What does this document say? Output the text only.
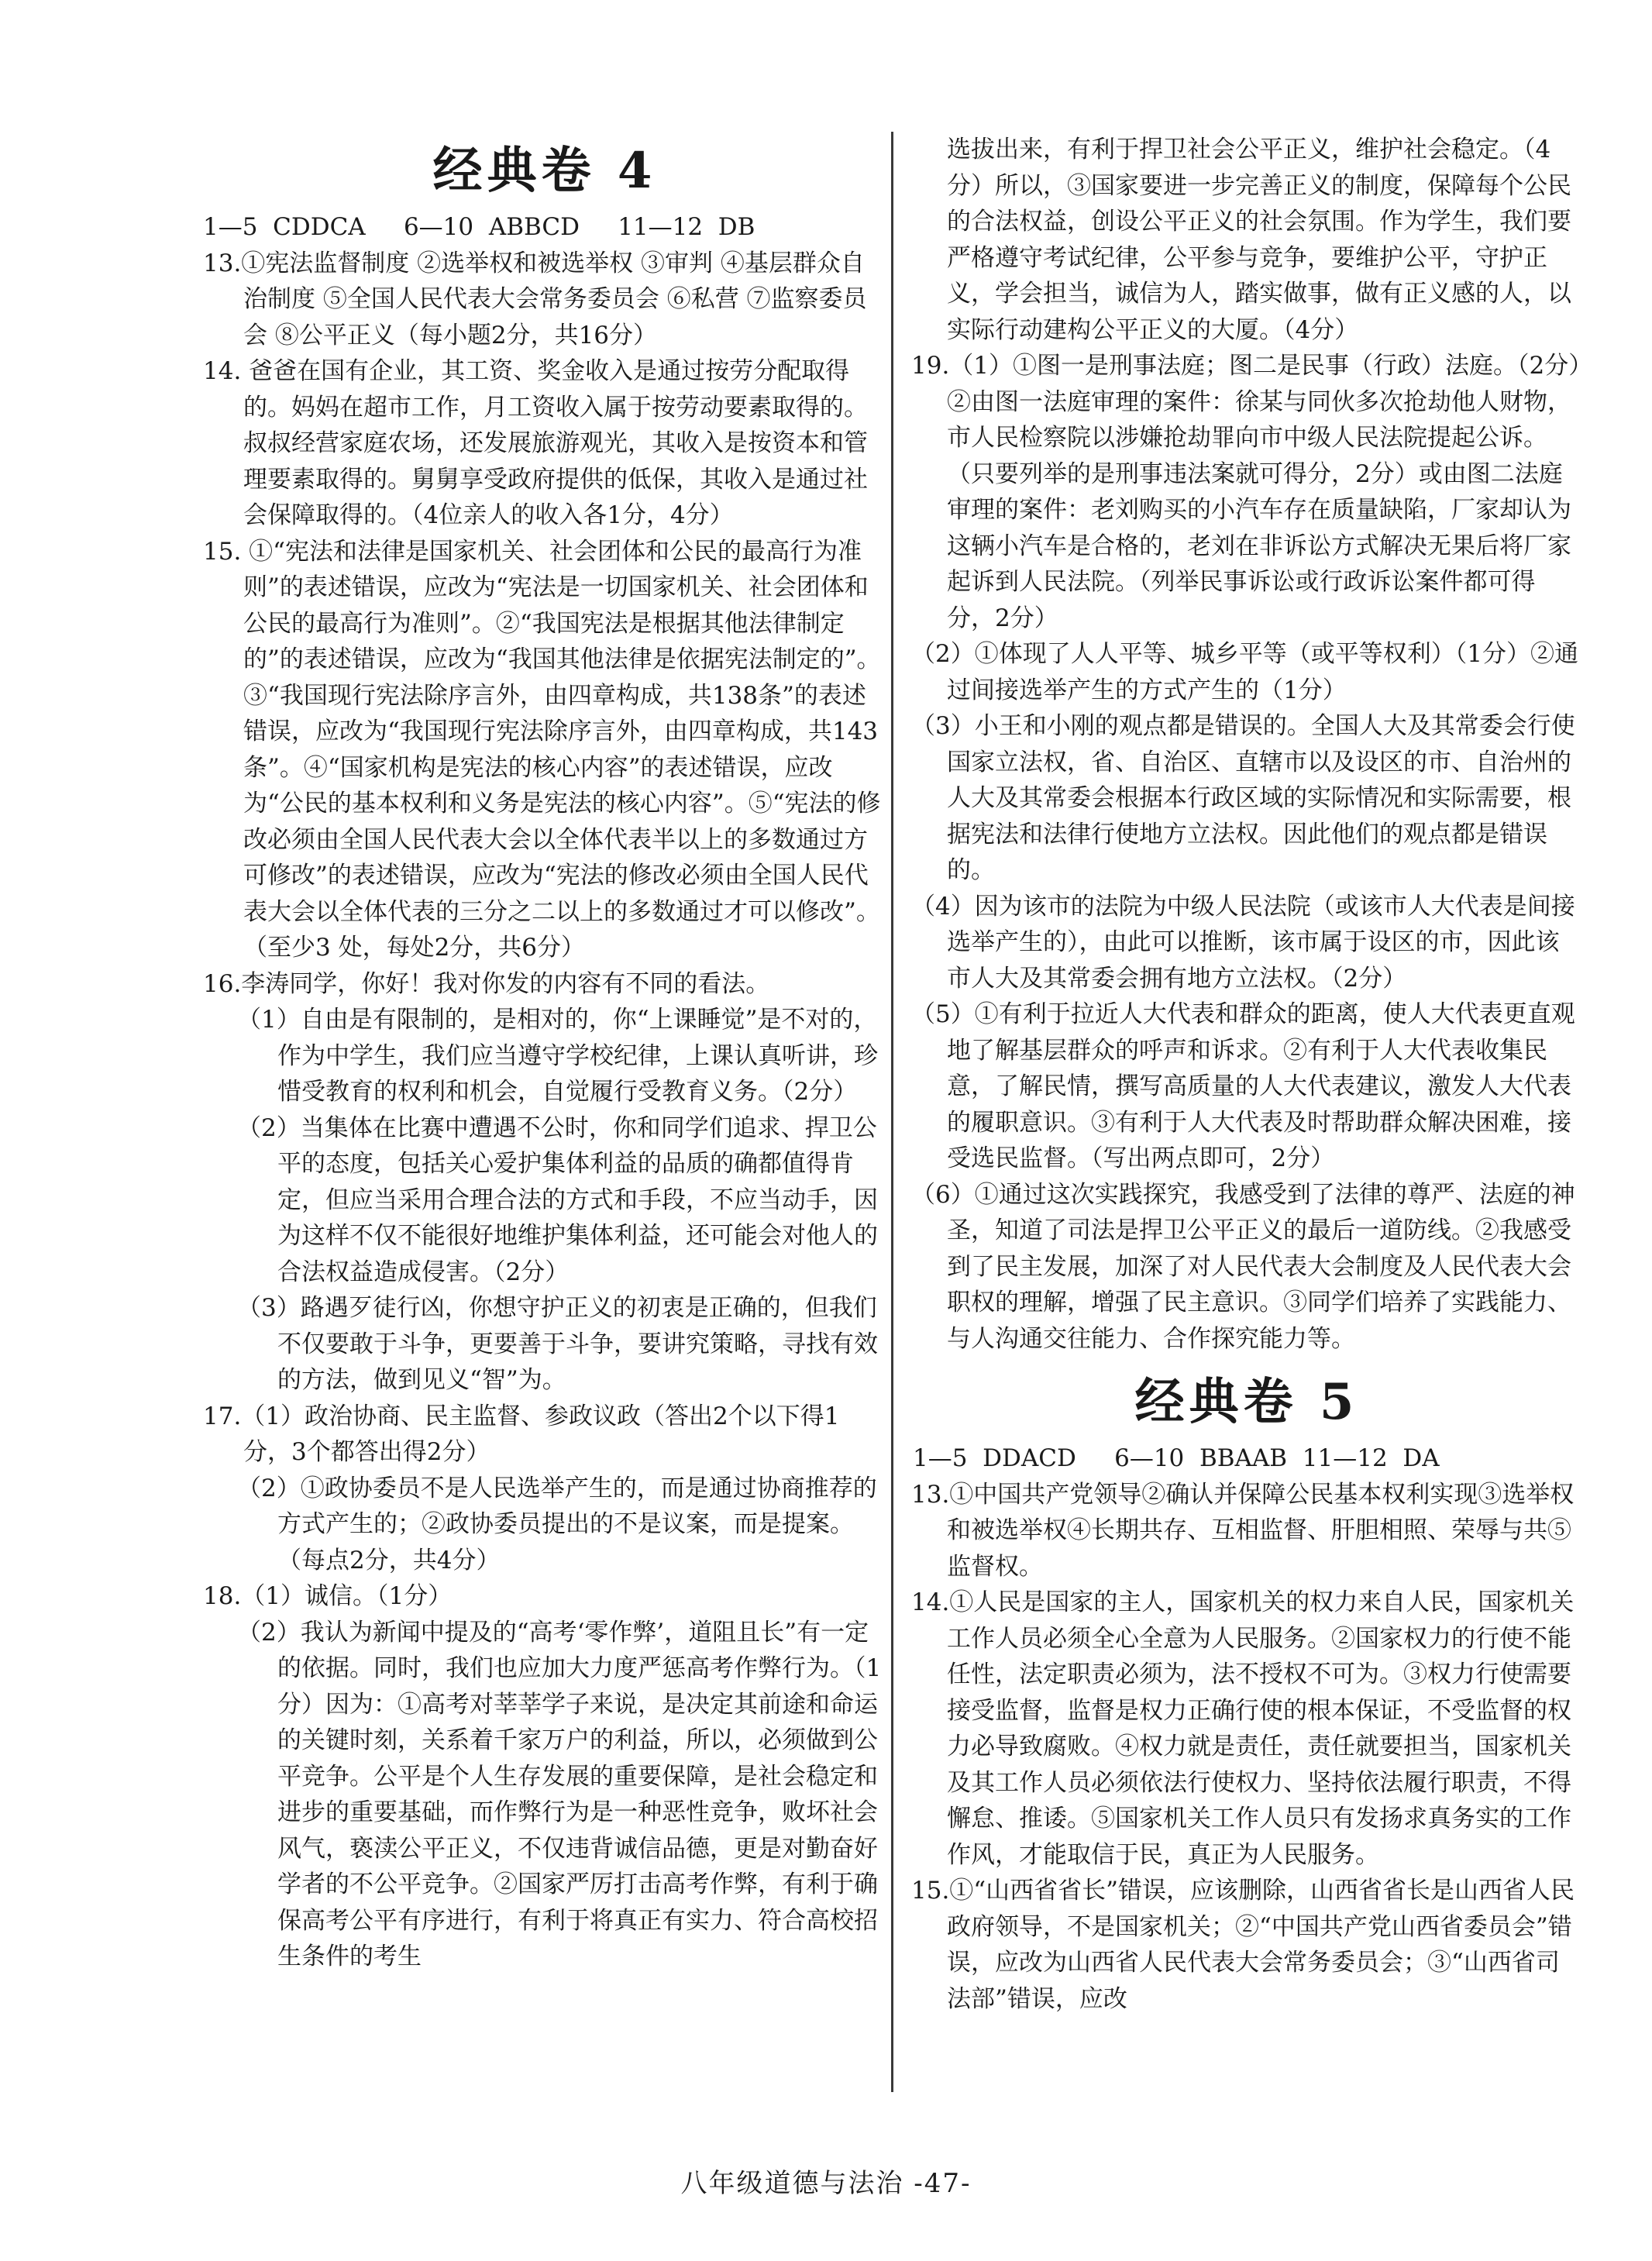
经典卷 4

1—5  CDDCA     6—10  ABBCD     11—12  DB

13.①宪法监督制度 ②选举权和被选举权 ③审判 ④基层群众自治制度 ⑤全国人民代表大会常务委员会 ⑥私营 ⑦监察委员会 ⑧公平正义（每小题2分，共16分）

14. 爸爸在国有企业，其工资、奖金收入是通过按劳分配取得的。妈妈在超市工作，月工资收入属于按劳动要素取得的。叔叔经营家庭农场，还发展旅游观光，其收入是按资本和管理要素取得的。舅舅享受政府提供的低保，其收入是通过社会保障取得的。（4位亲人的收入各1分，4分）

15. ①“宪法和法律是国家机关、社会团体和公民的最高行为准则”的表述错误，应改为“宪法是一切国家机关、社会团体和公民的最高行为准则”。②“我国宪法是根据其他法律制定的”的表述错误，应改为“我国其他法律是依据宪法制定的”。③“我国现行宪法除序言外，由四章构成，共138条”的表述错误，应改为“我国现行宪法除序言外，由四章构成，共143条”。④“国家机构是宪法的核心内容”的表述错误，应改为“公民的基本权利和义务是宪法的核心内容”。⑤“宪法的修改必须由全国人民代表大会以全体代表半以上的多数通过方可修改”的表述错误，应改为“宪法的修改必须由全国人民代表大会以全体代表的三分之二以上的多数通过才可以修改”。（至少3 处，每处2分，共6分）

16.李涛同学，你好！我对你发的内容有不同的看法。

（1）自由是有限制的，是相对的，你“上课睡觉”是不对的，作为中学生，我们应当遵守学校纪律，上课认真听讲，珍惜受教育的权利和机会，自觉履行受教育义务。（2分）

（2）当集体在比赛中遭遇不公时，你和同学们追求、捍卫公平的态度，包括关心爱护集体利益的品质的确都值得肯定，但应当采用合理合法的方式和手段，不应当动手，因为这样不仅不能很好地维护集体利益，还可能会对他人的合法权益造成侵害。（2分）

（3）路遇歹徒行凶，你想守护正义的初衷是正确的，但我们不仅要敢于斗争，更要善于斗争，要讲究策略，寻找有效的方法，做到见义“智”为。

17.（1）政治协商、民主监督、参政议政（答出2个以下得1分，3个都答出得2分）

（2）①政协委员不是人民选举产生的，而是通过协商推荐的方式产生的；②政协委员提出的不是议案，而是提案。（每点2分，共4分）

18.（1）诚信。（1分）

（2）我认为新闻中提及的“高考‘零作弊’，道阻且长”有一定的依据。同时，我们也应加大力度严惩高考作弊行为。（1分）因为：①高考对莘莘学子来说，是决定其前途和命运的关键时刻，关系着千家万户的利益，所以，必须做到公平竞争。公平是个人生存发展的重要保障，是社会稳定和进步的重要基础，而作弊行为是一种恶性竞争，败坏社会风气，亵渎公平正义，不仅违背诚信品德，更是对勤奋好学者的不公平竞争。②国家严厉打击高考作弊，有利于确保高考公平有序进行，有利于将真正有实力、符合高校招生条件的考生

选拔出来，有利于捍卫社会公平正义，维护社会稳定。（4分）所以，③国家要进一步完善正义的制度，保障每个公民的合法权益，创设公平正义的社会氛围。作为学生，我们要严格遵守考试纪律，公平参与竞争，要维护公平，守护正义，学会担当，诚信为人，踏实做事，做有正义感的人，以实际行动建构公平正义的大厦。（4分）

19.（1）①图一是刑事法庭；图二是民事（行政）法庭。（2分）②由图一法庭审理的案件：徐某与同伙多次抢劫他人财物，市人民检察院以涉嫌抢劫罪向市中级人民法院提起公诉。（只要列举的是刑事违法案就可得分，2分）或由图二法庭审理的案件：老刘购买的小汽车存在质量缺陷，厂家却认为这辆小汽车是合格的，老刘在非诉讼方式解决无果后将厂家起诉到人民法院。（列举民事诉讼或行政诉讼案件都可得分，2分）

（2）①体现了人人平等、城乡平等（或平等权利）（1分）②通过间接选举产生的方式产生的（1分）

（3）小王和小刚的观点都是错误的。全国人大及其常委会行使国家立法权，省、自治区、直辖市以及设区的市、自治州的人大及其常委会根据本行政区域的实际情况和实际需要，根据宪法和法律行使地方立法权。因此他们的观点都是错误的。

（4）因为该市的法院为中级人民法院（或该市人大代表是间接选举产生的），由此可以推断，该市属于设区的市，因此该市人大及其常委会拥有地方立法权。（2分）

（5）①有利于拉近人大代表和群众的距离，使人大代表更直观地了解基层群众的呼声和诉求。②有利于人大代表收集民意，了解民情，撰写高质量的人大代表建议，激发人大代表的履职意识。③有利于人大代表及时帮助群众解决困难，接受选民监督。（写出两点即可，2分）

（6）①通过这次实践探究，我感受到了法律的尊严、法庭的神圣，知道了司法是捍卫公平正义的最后一道防线。②我感受到了民主发展，加深了对人民代表大会制度及人民代表大会职权的理解，增强了民主意识。③同学们培养了实践能力、与人沟通交往能力、合作探究能力等。

经典卷 5

1—5  DDACD     6—10  BBAAB  11—12  DA

13.①中国共产党领导②确认并保障公民基本权利实现③选举权和被选举权④长期共存、互相监督、肝胆相照、荣辱与共⑤监督权。

14.①人民是国家的主人，国家机关的权力来自人民，国家机关工作人员必须全心全意为人民服务。②国家权力的行使不能任性，法定职责必须为，法不授权不可为。③权力行使需要接受监督，监督是权力正确行使的根本保证，不受监督的权力必导致腐败。④权力就是责任，责任就要担当，国家机关及其工作人员必须依法行使权力、坚持依法履行职责，不得懈怠、推诿。⑤国家机关工作人员只有发扬求真务实的工作作风，才能取信于民，真正为人民服务。

15.①“山西省省长”错误，应该删除，山西省省长是山西省人民政府领导，不是国家机关；②“中国共产党山西省委员会”错误，应改为山西省人民代表大会常务委员会；③“山西省司法部”错误，应改

八年级道德与法治 -47-
